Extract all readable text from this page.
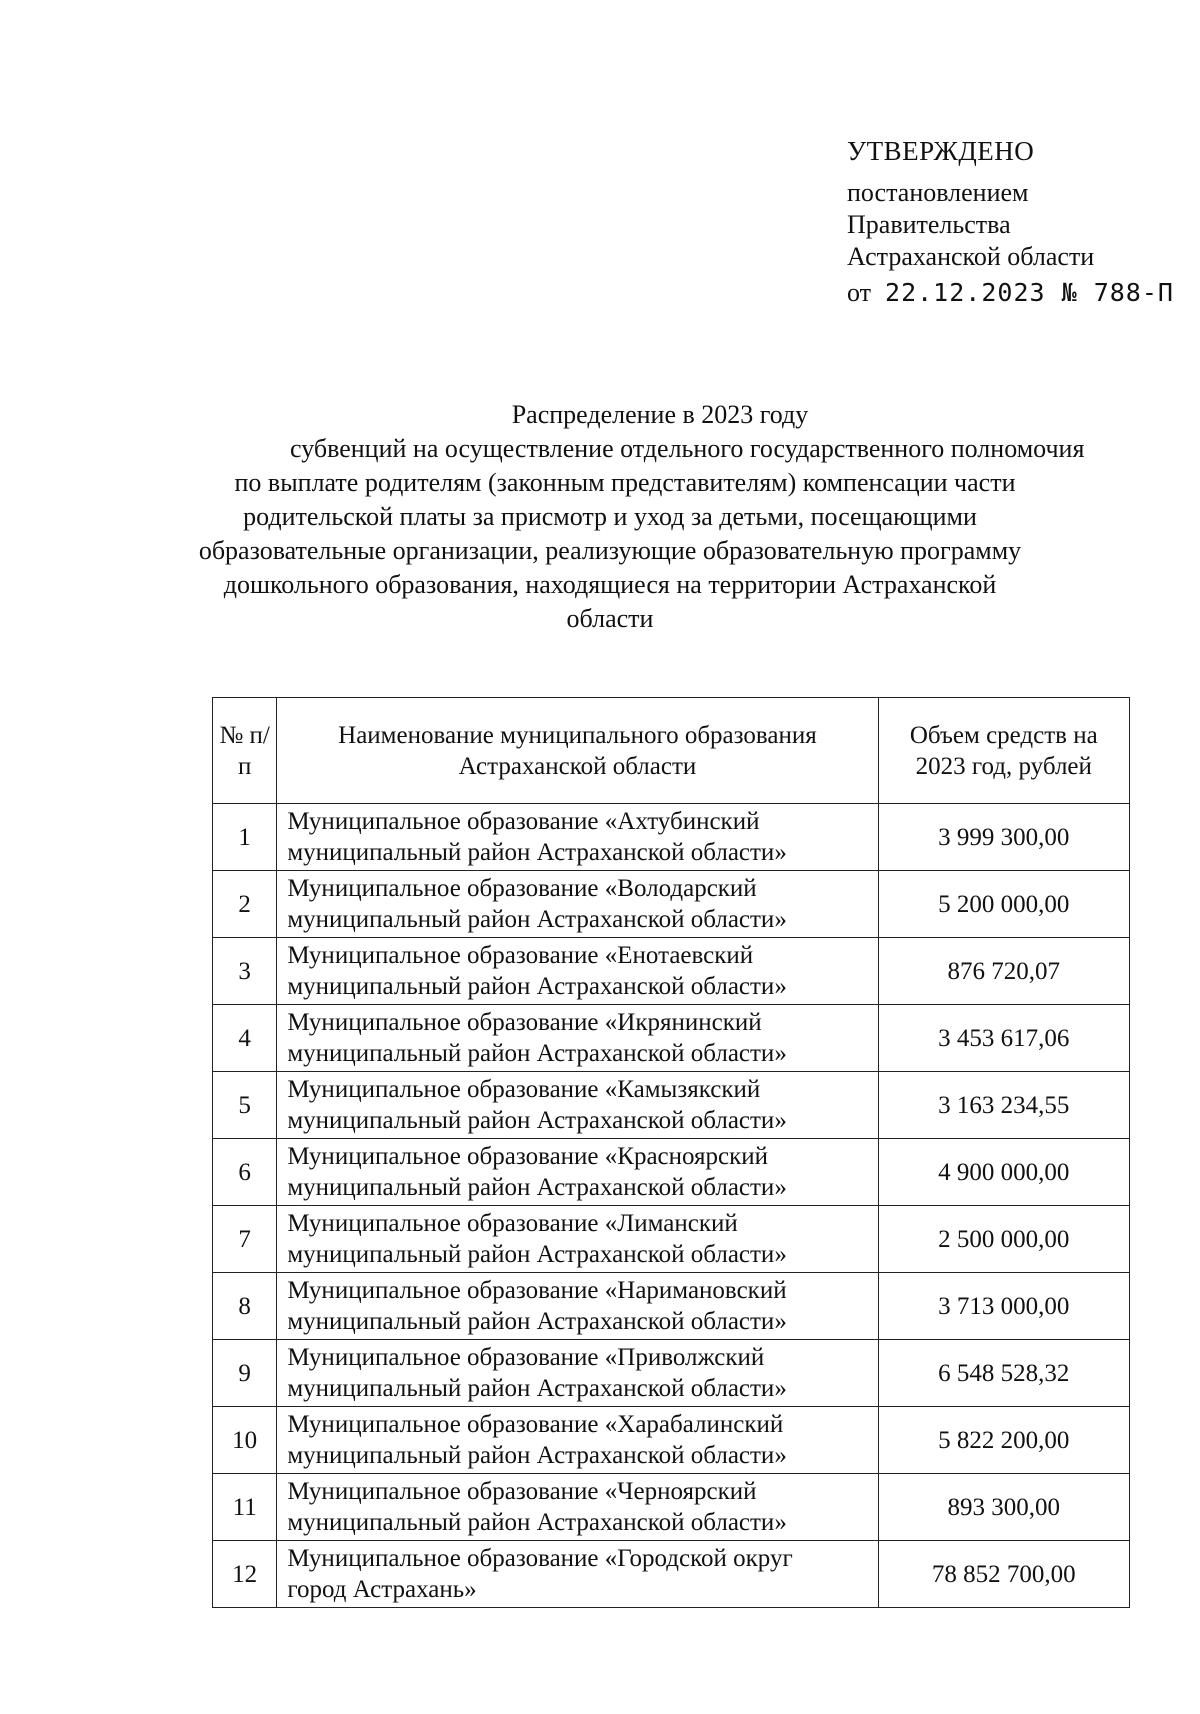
УТВЕРЖДЕНО
постановлением
Правительства
Астраханской области
от 22.12.2023 № 788-П
Распределение в 2023 году
субвенций на осуществление отдельного государственного полномочия
по выплате родителям (законным представителям) компенсации части
родительской платы за присмотр и уход за детьми, посещающими
образовательные организации, реализующие образовательную программу
дошкольного образования, находящиеся на территории Астраханской
области
№ п/п	Наименование муниципального образования Астраханской области	Объем средств на 2023 год, рублей
1	Муниципальное образование «Ахтубинский
муниципальный район Астраханской области»	3 999 300,00
2	Муниципальное образование «Володарский
муниципальный район Астраханской области»	5 200 000,00
3	Муниципальное образование «Енотаевский
муниципальный район Астраханской области»	876 720,07
4	Муниципальное образование «Икрянинский
муниципальный район Астраханской области»	3 453 617,06
5	Муниципальное образование «Камызякский
муниципальный район Астраханской области»	3 163 234,55
6	Муниципальное образование «Красноярский
муниципальный район Астраханской области»	4 900 000,00
7	Муниципальное образование «Лиманский
муниципальный район Астраханской области»	2 500 000,00
8	Муниципальное образование «Наримановский
муниципальный район Астраханской области»	3 713 000,00
9	Муниципальное образование «Приволжский
муниципальный район Астраханской области»	6 548 528,32
10	Муниципальное образование «Харабалинский
муниципальный район Астраханской области»	5 822 200,00
11	Муниципальное образование «Черноярский
муниципальный район Астраханской области»	893 300,00
12	Муниципальное образование «Городской округ
город Астрахань»	78 852 700,00
